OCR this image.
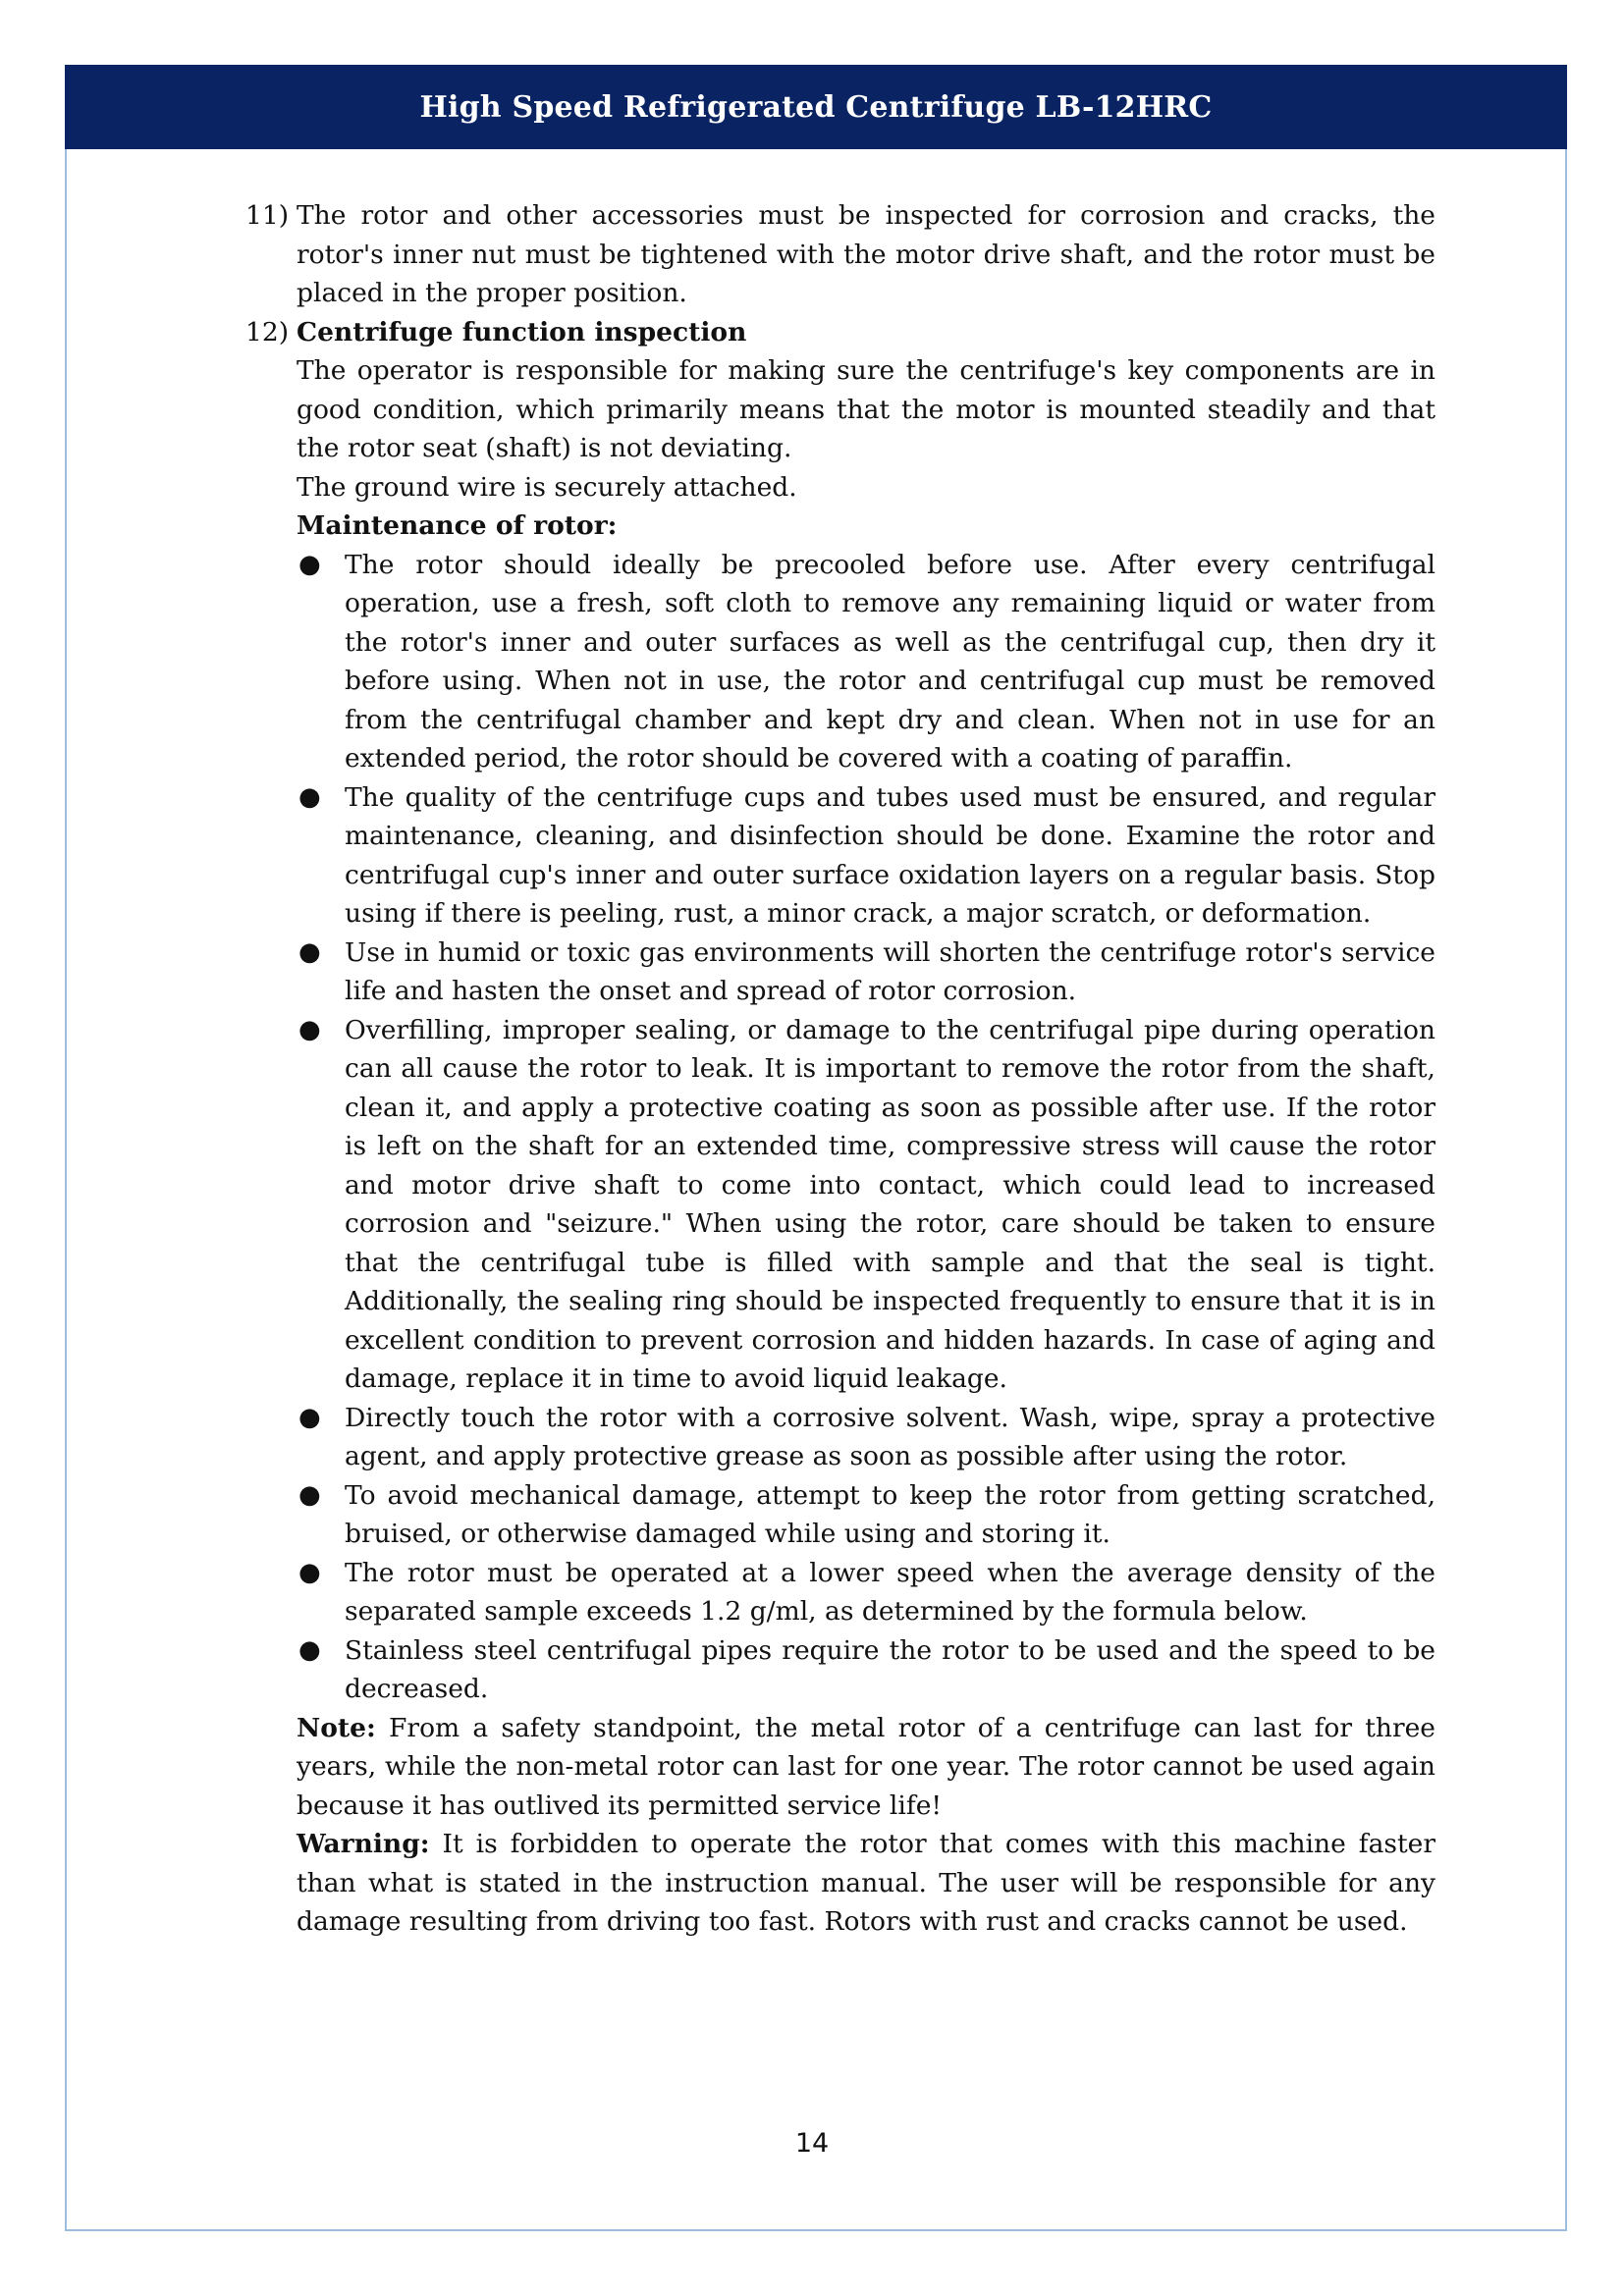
High Speed Refrigerated Centrifuge LB-12HRC
11) The rotor and other accessories must be inspected for corrosion and cracks, the rotor's inner nut must be tightened with the motor drive shaft, and the rotor must be placed in the proper position.
12) Centrifuge function inspection
The operator is responsible for making sure the centrifuge's key components are in good condition, which primarily means that the motor is mounted steadily and that the rotor seat (shaft) is not deviating.
The ground wire is securely attached.
Maintenance of rotor:
● The rotor should ideally be precooled before use. After every centrifugal operation, use a fresh, soft cloth to remove any remaining liquid or water from the rotor's inner and outer surfaces as well as the centrifugal cup, then dry it before using. When not in use, the rotor and centrifugal cup must be removed from the centrifugal chamber and kept dry and clean. When not in use for an extended period, the rotor should be covered with a coating of paraffin.
● The quality of the centrifuge cups and tubes used must be ensured, and regular maintenance, cleaning, and disinfection should be done. Examine the rotor and centrifugal cup's inner and outer surface oxidation layers on a regular basis. Stop using if there is peeling, rust, a minor crack, a major scratch, or deformation.
● Use in humid or toxic gas environments will shorten the centrifuge rotor's service life and hasten the onset and spread of rotor corrosion.
● Overfilling, improper sealing, or damage to the centrifugal pipe during operation can all cause the rotor to leak. It is important to remove the rotor from the shaft, clean it, and apply a protective coating as soon as possible after use. If the rotor is left on the shaft for an extended time, compressive stress will cause the rotor and motor drive shaft to come into contact, which could lead to increased corrosion and "seizure." When using the rotor, care should be taken to ensure that the centrifugal tube is filled with sample and that the seal is tight. Additionally, the sealing ring should be inspected frequently to ensure that it is in excellent condition to prevent corrosion and hidden hazards. In case of aging and damage, replace it in time to avoid liquid leakage.
● Directly touch the rotor with a corrosive solvent. Wash, wipe, spray a protective agent, and apply protective grease as soon as possible after using the rotor.
● To avoid mechanical damage, attempt to keep the rotor from getting scratched, bruised, or otherwise damaged while using and storing it.
● The rotor must be operated at a lower speed when the average density of the separated sample exceeds 1.2 g/ml, as determined by the formula below.
● Stainless steel centrifugal pipes require the rotor to be used and the speed to be decreased.
Note: From a safety standpoint, the metal rotor of a centrifuge can last for three years, while the non-metal rotor can last for one year. The rotor cannot be used again because it has outlived its permitted service life!
Warning: It is forbidden to operate the rotor that comes with this machine faster than what is stated in the instruction manual. The user will be responsible for any damage resulting from driving too fast. Rotors with rust and cracks cannot be used.
14
